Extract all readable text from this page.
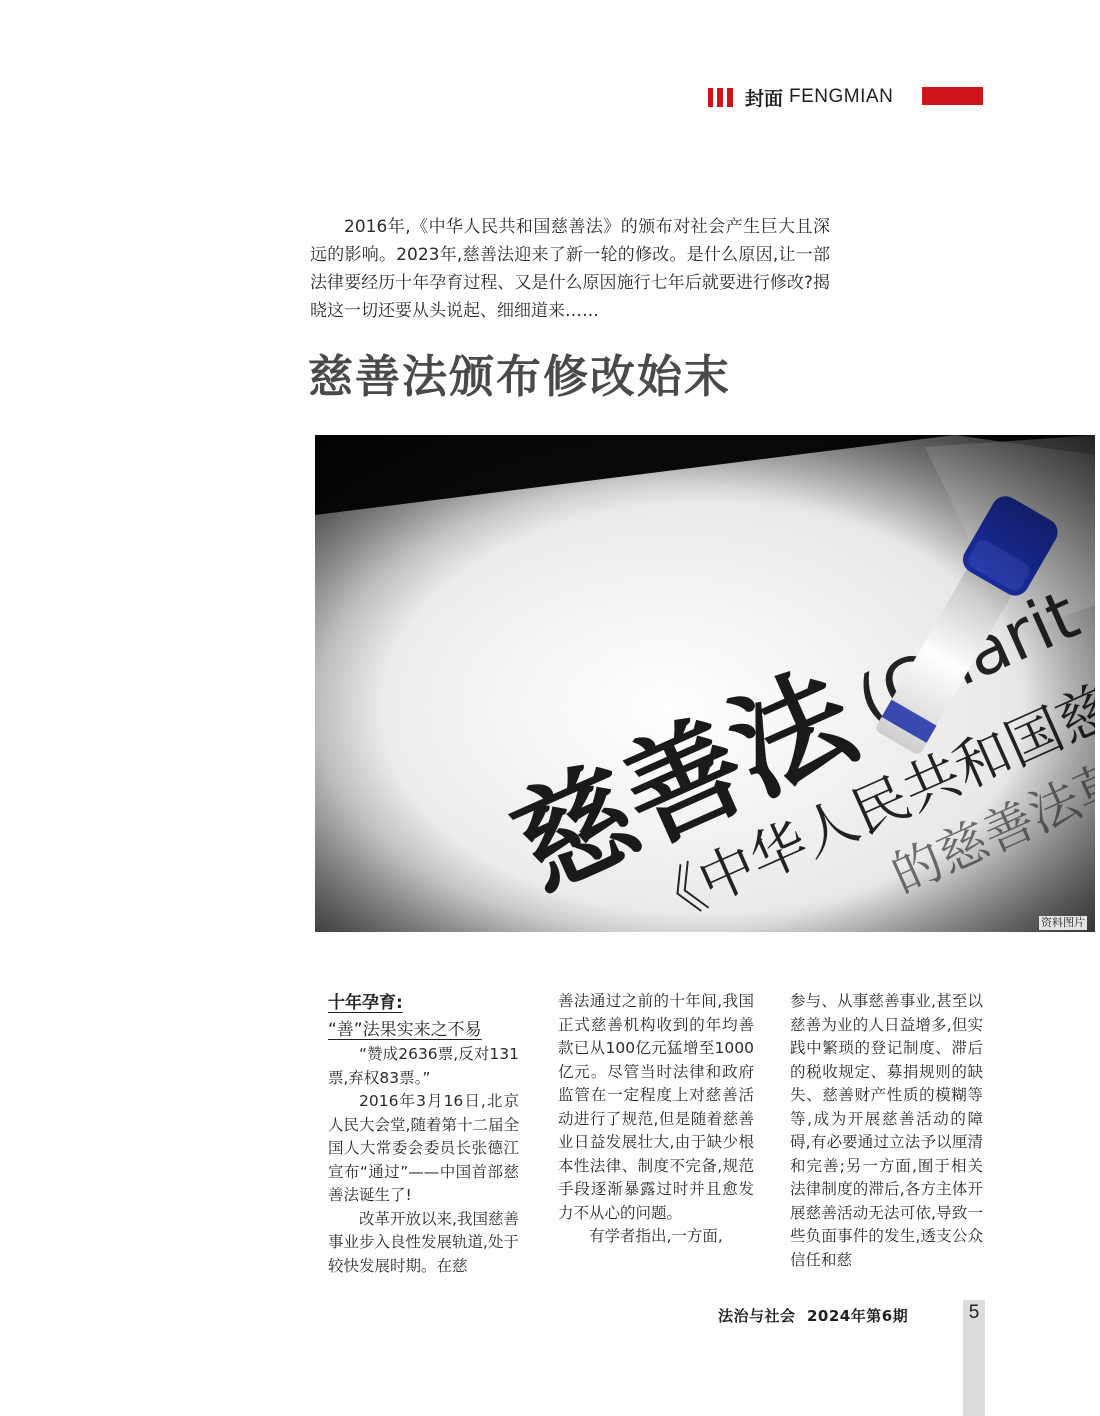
封面 FENGMIAN

2016年,《中华人民共和国慈善法》的颁布对社会产生巨大且深远的影响。2023年,慈善法迎来了新一轮的修改。是什么原因,让一部法律要经历十年孕育过程、又是什么原因施行七年后就要进行修改?揭晓这一切还要从头说起、细细道来……

慈善法颁布修改始末
资料图片
十年孕育:
“善”法果实来之不易

“赞成2636票,反对131票,弃权83票。”

2016年3月16日,北京人民大会堂,随着第十二届全国人大常委会委员长张德江宣布“通过”——中国首部慈善法诞生了!

改革开放以来,我国慈善事业步入良性发展轨道,处于较快发展时期。在慈

善法通过之前的十年间,我国正式慈善机构收到的年均善款已从100亿元猛增至1000亿元。尽管当时法律和政府监管在一定程度上对慈善活动进行了规范,但是随着慈善业日益发展壮大,由于缺少根本性法律、制度不完备,规范手段逐渐暴露过时并且愈发力不从心的问题。

有学者指出,一方面,

参与、从事慈善事业,甚至以慈善为业的人日益增多,但实践中繁琐的登记制度、滞后的税收规定、募捐规则的缺失、慈善财产性质的模糊等等,成为开展慈善活动的障碍,有必要通过立法予以厘清和完善;另一方面,囿于相关法律制度的滞后,各方主体开展慈善活动无法可依,导致一些负面事件的发生,透支公众信任和慈

法治与社会 2024年第6期	5
